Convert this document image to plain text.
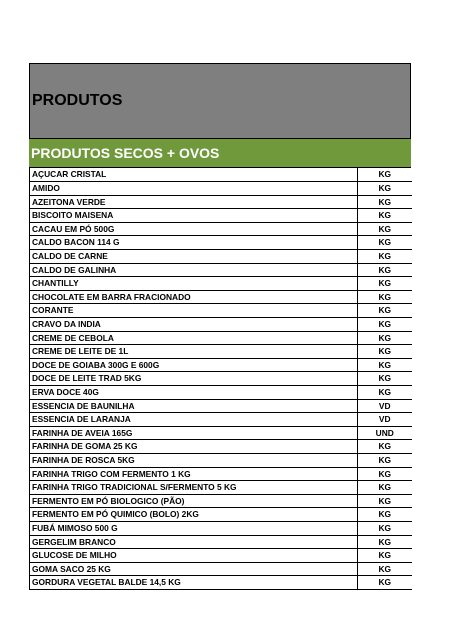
PRODUTOS
PRODUTOS SECOS + OVOS
AÇUCAR CRISTAL	KG
AMIDO	KG
AZEITONA VERDE	KG
BISCOITO MAISENA	KG
CACAU EM PÓ 500G	KG
CALDO BACON 114 G	KG
CALDO DE CARNE	KG
CALDO DE GALINHA	KG
CHANTILLY	KG
CHOCOLATE EM BARRA FRACIONADO	KG
CORANTE	KG
CRAVO DA INDIA	KG
CREME DE CEBOLA	KG
CREME DE LEITE DE 1L	KG
DOCE DE GOIABA 300G E 600G	KG
DOCE DE LEITE TRAD 5KG	KG
ERVA DOCE 40G	KG
ESSENCIA DE BAUNILHA	VD
ESSENCIA DE LARANJA	VD
FARINHA DE AVEIA 165G	UND
FARINHA DE GOMA 25 KG	KG
FARINHA DE ROSCA 5KG	KG
FARINHA TRIGO COM FERMENTO 1 KG	KG
FARINHA TRIGO TRADICIONAL S/FERMENTO 5 KG	KG
FERMENTO EM PÓ BIOLOGICO (PÃO)	KG
FERMENTO EM PÓ QUIMICO (BOLO) 2KG	KG
FUBÁ MIMOSO 500 G	KG
GERGELIM BRANCO	KG
GLUCOSE DE MILHO	KG
GOMA SACO 25 KG	KG
GORDURA VEGETAL BALDE 14,5 KG	KG
